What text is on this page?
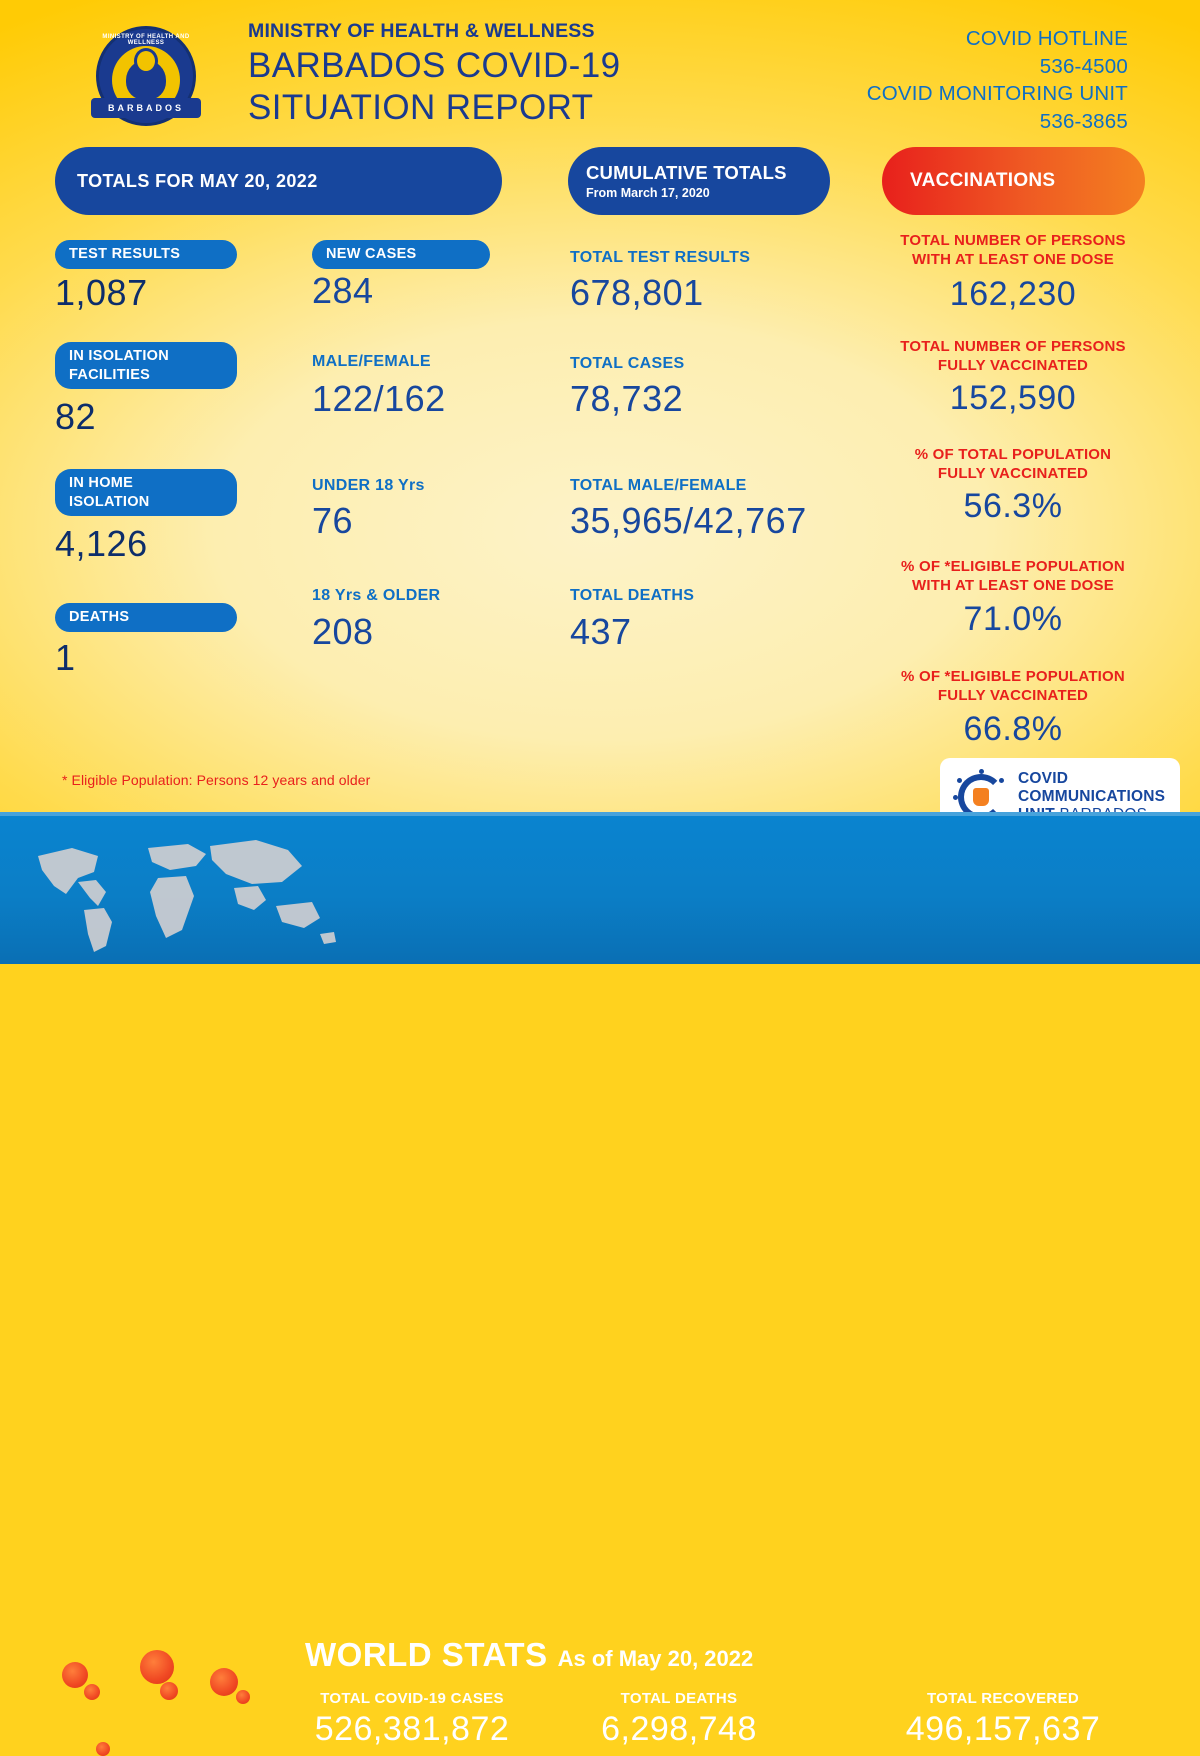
MINISTRY OF HEALTH AND WELLNESS
BARBADOS
MINISTRY OF HEALTH & WELLNESS
BARBADOS COVID-19
SITUATION REPORT
COVID HOTLINE
536-4500
COVID MONITORING UNIT
536-3865
TOTALS FOR MAY 20, 2022	CUMULATIVE TOTALS
From March 17, 2020
VACCINATIONS
TEST RESULTS
1,087
IN ISOLATION
FACILITIES
82
IN HOME
ISOLATION
4,126
DEATHS
1
NEW CASES
284
MALE/FEMALE
122/162
UNDER 18 Yrs
76
18 Yrs & OLDER
208
TOTAL TEST RESULTS
678,801
TOTAL CASES
78,732
TOTAL MALE/FEMALE
35,965/42,767
TOTAL DEATHS
437
TOTAL NUMBER OF PERSONS
WITH AT LEAST ONE DOSE
162,230
TOTAL NUMBER OF PERSONS
FULLY VACCINATED
152,590
% OF TOTAL POPULATION
FULLY VACCINATED
56.3%
% OF *ELIGIBLE POPULATION
WITH AT LEAST ONE DOSE
71.0%
% OF *ELIGIBLE POPULATION
FULLY VACCINATED
66.8%
* Eligible Population: Persons 12 years and older	COVID
COMMUNICATIONS
WORLD STATS As of May 20, 2022
TOTAL COVID-19 CASES
526,381,872
TOTAL DEATHS
6,298,748
TOTAL RECOVERED
496,157,637
